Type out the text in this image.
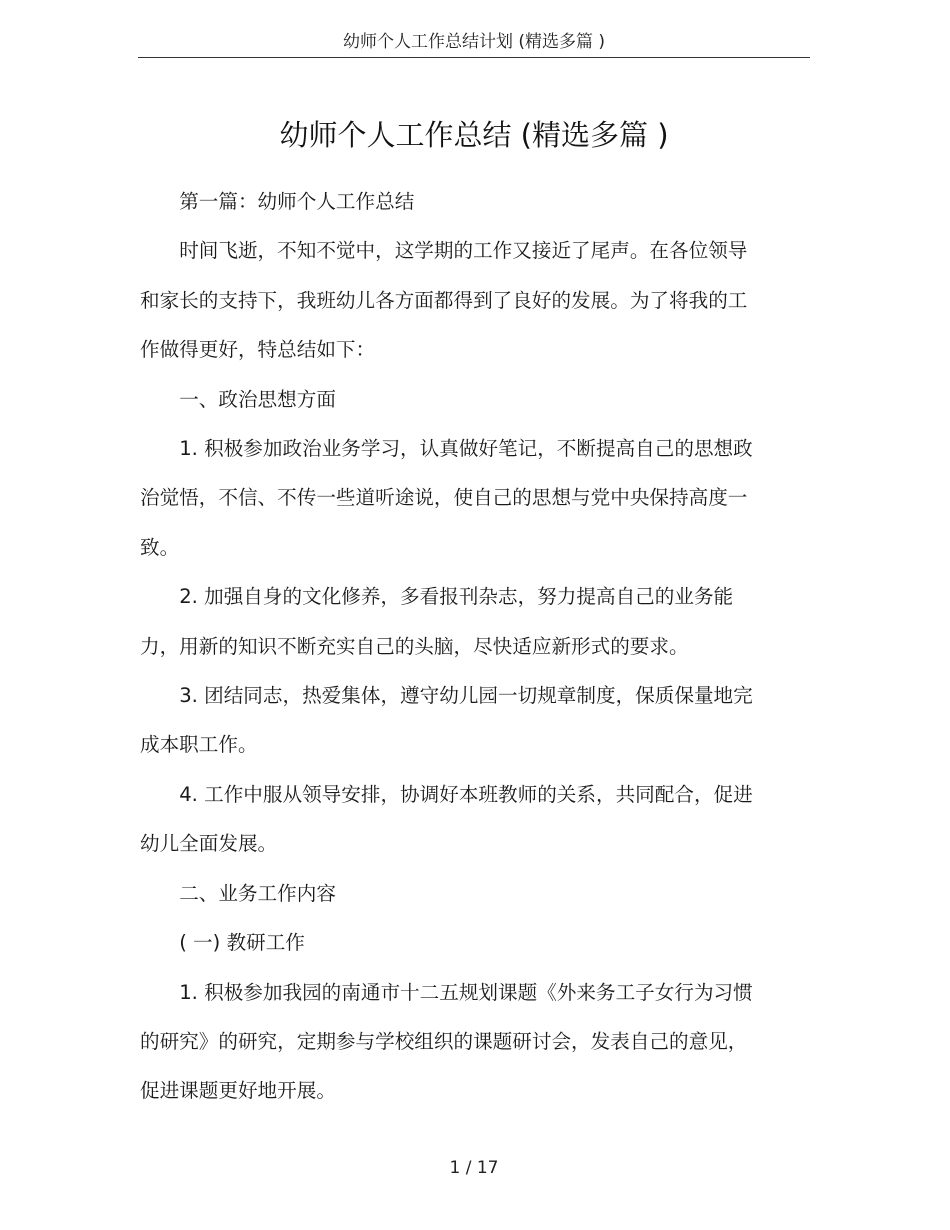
幼师个人工作总结计划 (精选多篇 )
幼师个人工作总结 (精选多篇 )

第一篇：幼师个人工作总结

时间飞逝，不知不觉中，这学期的工作又接近了尾声。在各位领导和家长的支持下，我班幼儿各方面都得到了良好的发展。为了将我的工作做得更好，特总结如下：

一、政治思想方面

1. 积极参加政治业务学习，认真做好笔记，不断提高自己的思想政治觉悟，不信、不传一些道听途说，使自己的思想与党中央保持高度一致。

2. 加强自身的文化修养，多看报刊杂志，努力提高自己的业务能力，用新的知识不断充实自己的头脑，尽快适应新形式的要求。

3. 团结同志，热爱集体，遵守幼儿园一切规章制度，保质保量地完成本职工作。

4. 工作中服从领导安排，协调好本班教师的关系，共同配合，促进幼儿全面发展。

二、业务工作内容

( 一) 教研工作

1. 积极参加我园的南通市十二五规划课题《外来务工子女行为习惯的研究》的研究，定期参与学校组织的课题研讨会，发表自己的意见，促进课题更好地开展。

1 / 17
